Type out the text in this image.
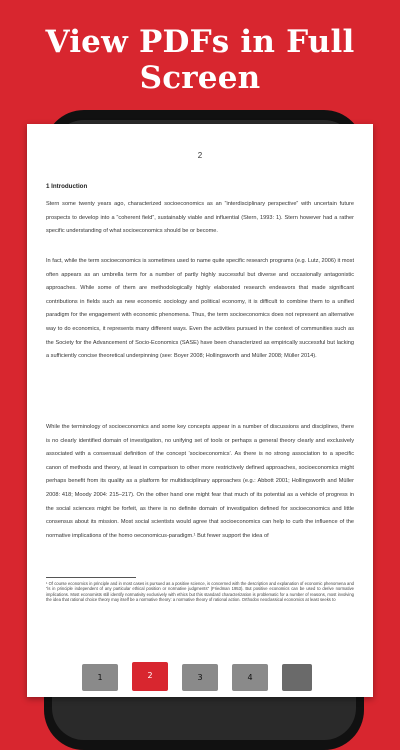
View PDFs in Full
Screen
2
1 Introduction

Stern some twenty years ago, characterized socioeconomics as an “interdisciplinary perspective” with uncertain future prospects to develop into a “coherent field”, sustainably viable and influential (Stern, 1993: 1). Stern however had a rather specific understanding of what socioeconomics should be or become.

In fact, while the term socioeconomics is sometimes used to name quite specific research programs (e.g. Lutz, 2006) it most often appears as an umbrella term for a number of partly highly successful but diverse and occasionally antagonistic approaches. While some of them are methodologically highly elaborated research endeavors that made significant contributions in fields such as new economic sociology and political economy, it is difficult to combine them to a unified paradigm for the engagement with economic phenomena. Thus, the term socioeconomics does not represent an alternative way to do economics, it represents many different ways. Even the activities pursued in the context of communities such as the Society for the Advancement of Socio-Economics (SASE) have been characterized as empirically successful but lacking a sufficiently concise theoretical underpinning (see: Boyer 2008; Hollingsworth and Müller 2008; Müller 2014).

While the terminology of socioeconomics and some key concepts appear in a number of discussions and disciplines, there is no clearly identified domain of investigation, no unifying set of tools or perhaps a general theory clearly and exclusively associated with a consensual definition of the concept ‘socioeconomics’. As there is no strong association to a specific canon of methods and theory, at least in comparison to other more restrictively defined approaches, socioeconomics might perhaps benefit from its quality as a platform for multidisciplinary approaches (e.g.: Abbott 2001; Hollingsworth and Müller 2008: 418; Moody 2004: 215–217). On the other hand one might fear that much of its potential as a vehicle of progress in the social sciences might be forfeit, as there is no definite domain of investigation defined for socioeconomics and little consensus about its mission. Most social scientists would agree that socioeconomics can help to curb the influence of the normative implications of the homo oeconomicus-paradigm.¹ But fewer support the idea of

¹ Of course economics in principle and in most cases is pursued as a positive science, is concerned with the description and explanation of economic phenomena and “is in principle independent of any particular ethical position or normative judgments” (Friedman 1953). But positive economics can be used to derive normative implications. Most economists still identify normativity exclusively with ethics but this standard characterization is problematic for a number of reasons, most involving the idea that rational choice theory may itself be a normative theory: a normative theory of rational action. Orthodox neoclassical economics at least seeks to

1	2	3	4
